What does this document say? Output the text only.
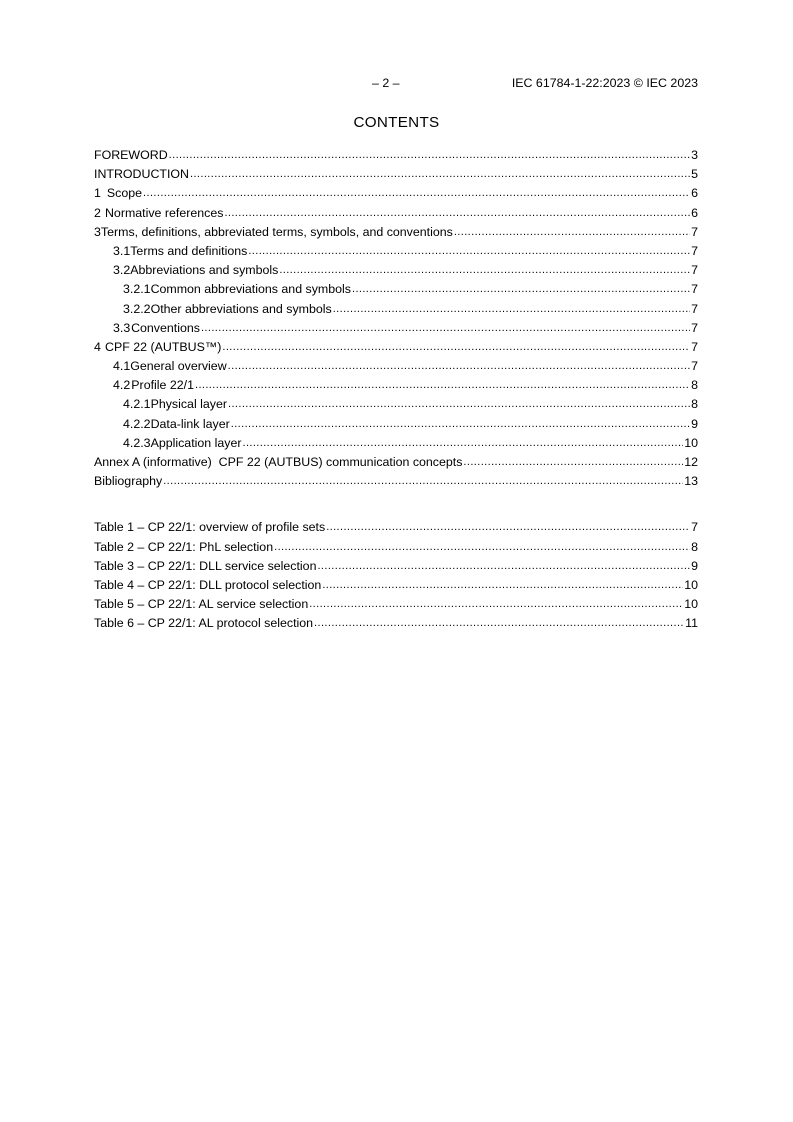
– 2 –	IEC 61784-1-22:2023 © IEC 2023
CONTENTS
FOREWORD .....	3
INTRODUCTION .....	5
1 Scope .....	6
2 Normative references .....	6
3 Terms, definitions, abbreviated terms, symbols, and conventions .....	7
3.1 Terms and definitions .....	7
3.2 Abbreviations and symbols .....	7
3.2.1 Common abbreviations and symbols .....	7
3.2.2 Other abbreviations and symbols .....	7
3.3 Conventions .....	7
4 CPF 22 (AUTBUS™) .....	7
4.1 General overview .....	7
4.2 Profile 22/1 .....	8
4.2.1 Physical layer .....	8
4.2.2 Data-link layer .....	9
4.2.3 Application layer .....	10
Annex A (informative)  CPF 22 (AUTBUS) communication concepts .....	12
Bibliography .....	13
Table 1 – CP 22/1: overview of profile sets .....	7
Table 2 – CP 22/1: PhL selection .....	8
Table 3 – CP 22/1: DLL service selection .....	9
Table 4 – CP 22/1: DLL protocol selection .....	10
Table 5 – CP 22/1: AL service selection .....	10
Table 6 – CP 22/1: AL protocol selection .....	11
